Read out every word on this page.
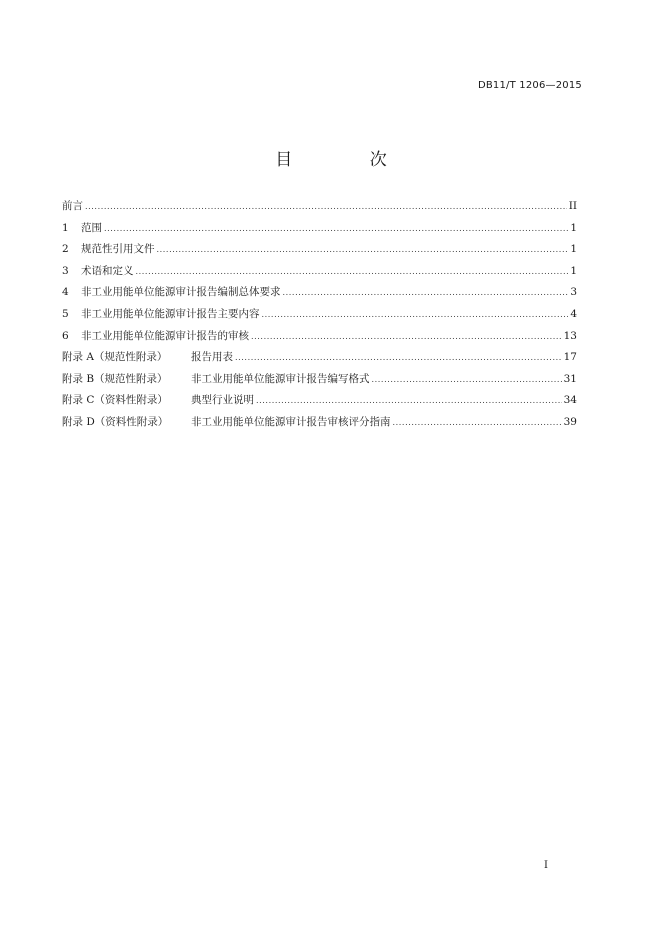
DB11/T 1206—2015
目 次
前言 .....	II
1 范围 .....	1
2 规范性引用文件 .....	1
3 术语和定义 .....	1
4 非工业用能单位能源审计报告编制总体要求 .....	3
5 非工业用能单位能源审计报告主要内容 .....	4
6 非工业用能单位能源审计报告的审核 .....	13
附录 A（规范性附录） 报告用表 .....	17
附录 B（规范性附录） 非工业用能单位能源审计报告编写格式 .....	31
附录 C（资料性附录） 典型行业说明 .....	34
附录 D（资料性附录） 非工业用能单位能源审计报告审核评分指南 .....	39
I
